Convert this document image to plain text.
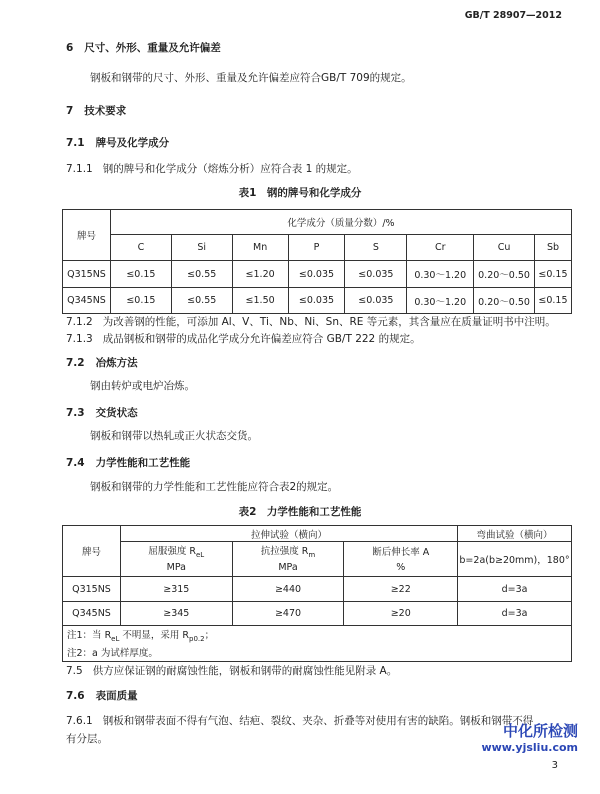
GB/T 28907—2012
6 尺寸、外形、重量及允许偏差
钢板和钢带的尺寸、外形、重量及允许偏差应符合GB/T 709的规定。
7 技术要求
7.1 牌号及化学成分
7.1.1 钢的牌号和化学成分（熔炼分析）应符合表 1 的规定。
表1　钢的牌号和化学成分
牌号	化学成分（质量分数）/%							
	C	Si	Mn	P	S	Cr	Cu	Sb
Q315NS	≤0.15	≤0.55	≤1.20	≤0.035	≤0.035	0.30～1.20	0.20～0.50	≤0.15
Q345NS	≤0.15	≤0.55	≤1.50	≤0.035	≤0.035	0.30～1.20	0.20～0.50	≤0.15
7.1.2 为改善钢的性能，可添加 Al、V、Ti、Nb、Ni、Sn、RE 等元素，其含量应在质量证明书中注明。
7.1.3 成品钢板和钢带的成品化学成分允许偏差应符合 GB/T 222 的规定。
7.2 冶炼方法
钢由转炉或电炉冶炼。
7.3 交货状态
钢板和钢带以热轧或正火状态交货。
7.4 力学性能和工艺性能
钢板和钢带的力学性能和工艺性能应符合表2的规定。
表2　力学性能和工艺性能
牌号	拉伸试验（横向）			弯曲试验（横向）
	屈服强度 $R_{eL}$	抗拉强度 $R_m$	断后伸长率 A	b=2a(b≥20mm)，180°
	MPa	MPa	%	
Q315NS	≥315	≥440	≥22	d=3a
Q345NS	≥345	≥470	≥20	d=3a
注1：当 $R_{eL}$ 不明显，采用 $R_{p0.2}$；				
注2：a 为试样厚度。				
7.5 供方应保证钢的耐腐蚀性能，钢板和钢带的耐腐蚀性能见附录 A。
7.6 表面质量
7.6.1 钢板和钢带表面不得有气泡、结疤、裂纹、夹杂、折叠等对使用有害的缺陷。钢板和钢带不得
有分层。	中化所检测
www.yjsliu.com
3
